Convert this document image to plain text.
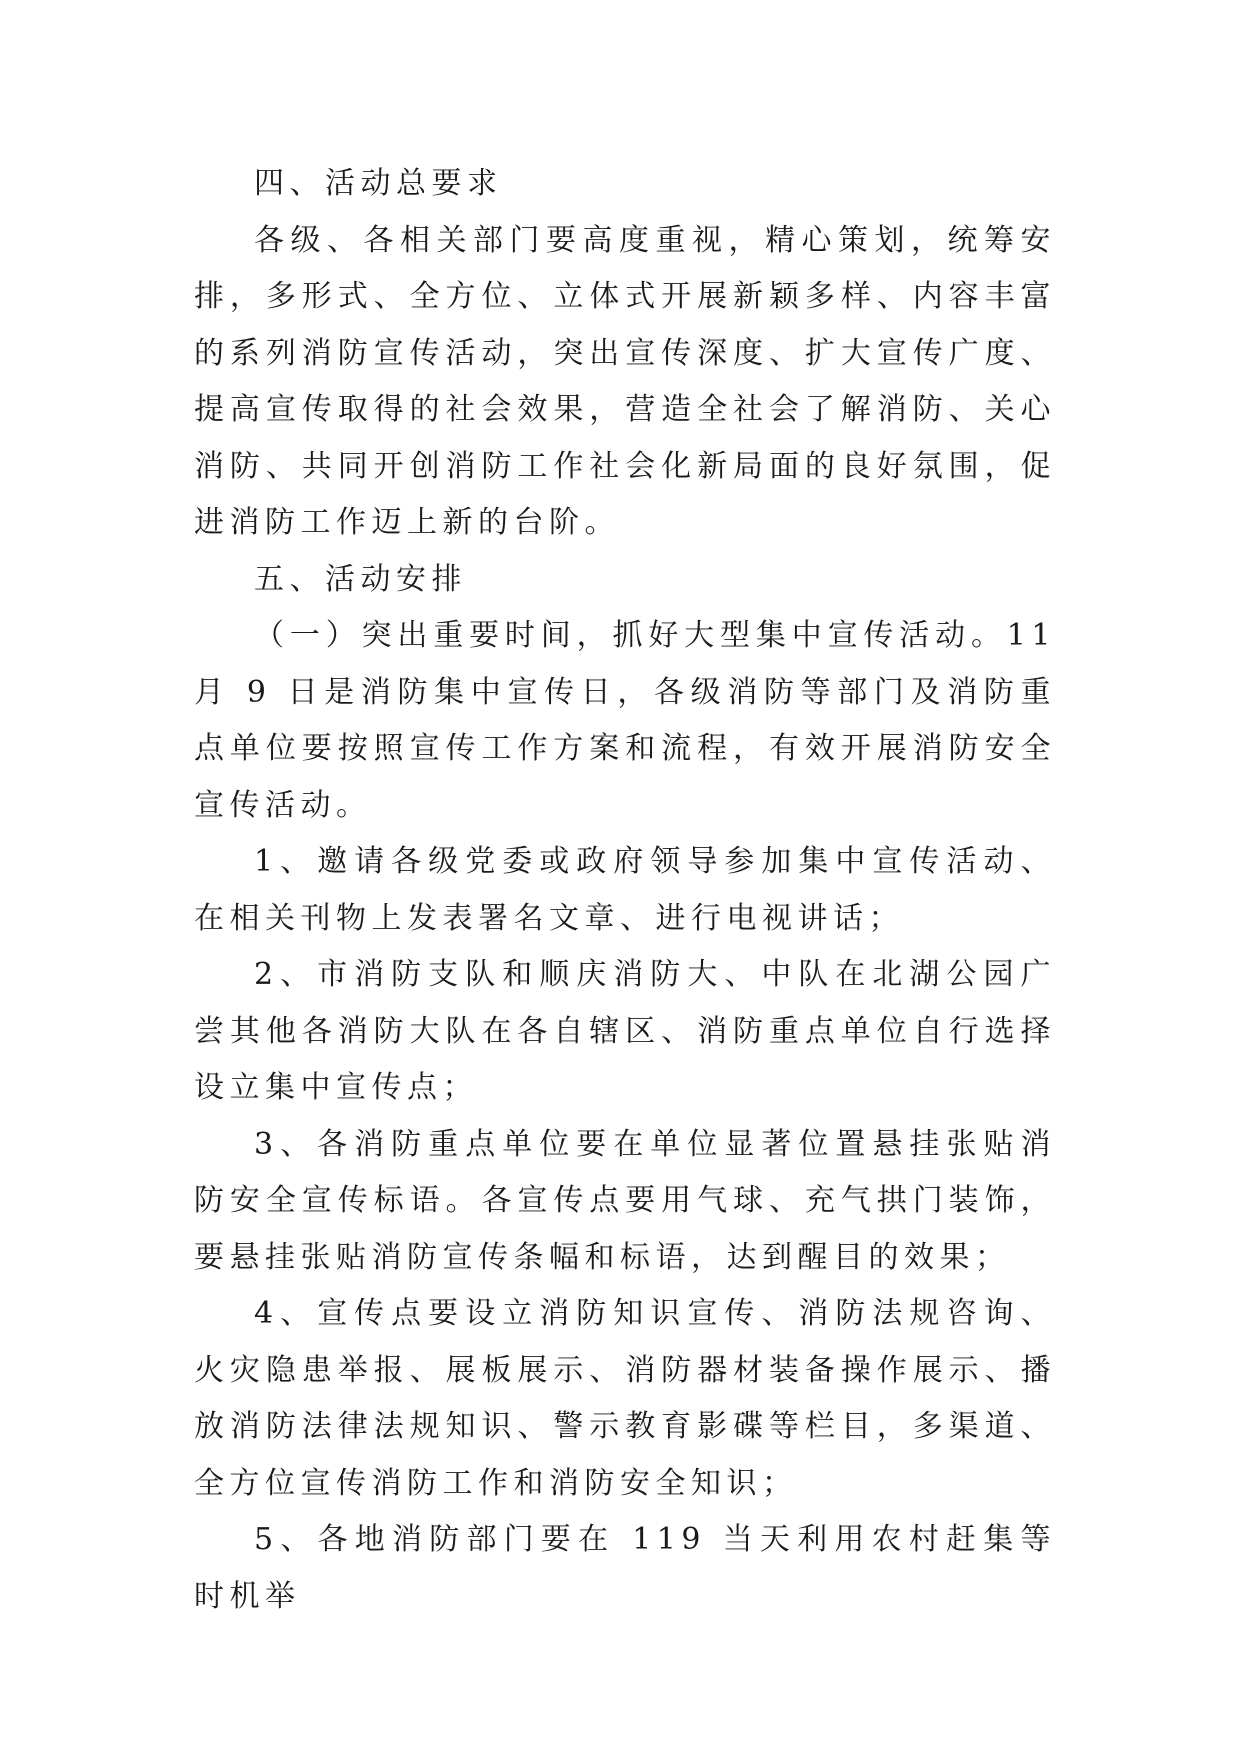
四、活动总要求

各级、各相关部门要高度重视，精心策划，统筹安排，多形式、全方位、立体式开展新颖多样、内容丰富的系列消防宣传活动，突出宣传深度、扩大宣传广度、提高宣传取得的社会效果，营造全社会了解消防、关心消防、共同开创消防工作社会化新局面的良好氛围，促进消防工作迈上新的台阶。

五、活动安排

（一）突出重要时间，抓好大型集中宣传活动。11 月 9 日是消防集中宣传日，各级消防等部门及消防重点单位要按照宣传工作方案和流程，有效开展消防安全宣传活动。

1、邀请各级党委或政府领导参加集中宣传活动、在相关刊物上发表署名文章、进行电视讲话；

2、市消防支队和顺庆消防大、中队在北湖公园广尝其他各消防大队在各自辖区、消防重点单位自行选择设立集中宣传点；

3、各消防重点单位要在单位显著位置悬挂张贴消防安全宣传标语。各宣传点要用气球、充气拱门装饰，要悬挂张贴消防宣传条幅和标语，达到醒目的效果；

4、宣传点要设立消防知识宣传、消防法规咨询、火灾隐患举报、展板展示、消防器材装备操作展示、播放消防法律法规知识、警示教育影碟等栏目，多渠道、全方位宣传消防工作和消防安全知识；

5、各地消防部门要在 119 当天利用农村赶集等时机举
